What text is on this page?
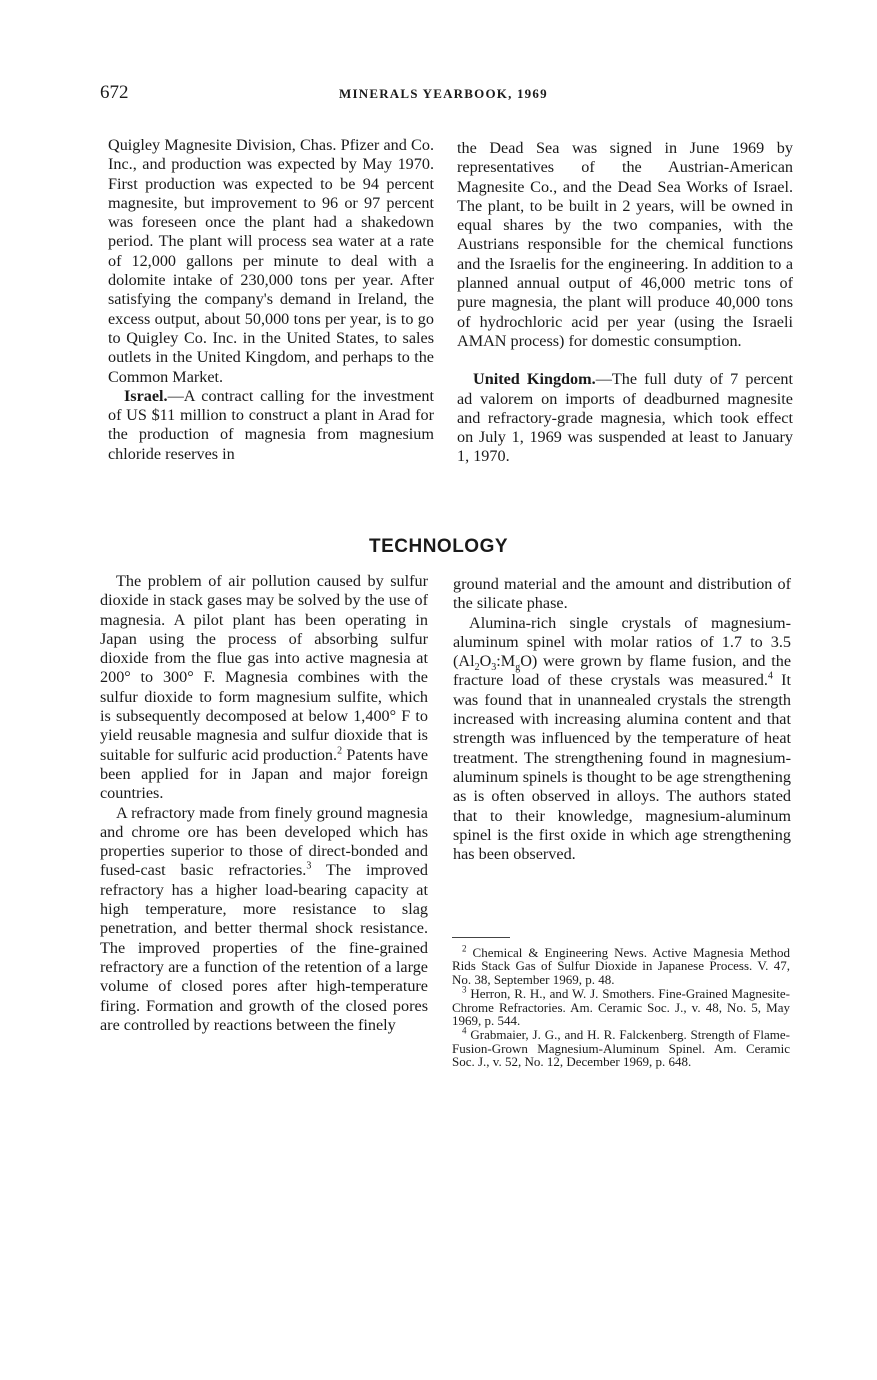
672	MINERALS YEARBOOK, 1969

Quigley Magnesite Division, Chas. Pfizer and Co. Inc., and production was expected by May 1970. First production was expected to be 94 percent magnesite, but improvement to 96 or 97 percent was foreseen once the plant had a shakedown period. The plant will process sea water at a rate of 12,000 gallons per minute to deal with a dolomite intake of 230,000 tons per year. After satisfying the company's demand in Ireland, the excess output, about 50,000 tons per year, is to go to Quigley Co. Inc. in the United States, to sales outlets in the United Kingdom, and perhaps to the Common Market.

Israel.—A contract calling for the investment of US $11 million to construct a plant in Arad for the production of magnesia from magnesium chloride reserves in

the Dead Sea was signed in June 1969 by representatives of the Austrian-American Magnesite Co., and the Dead Sea Works of Israel. The plant, to be built in 2 years, will be owned in equal shares by the two companies, with the Austrians responsible for the chemical functions and the Israelis for the engineering. In addition to a planned annual output of 46,000 metric tons of pure magnesia, the plant will produce 40,000 tons of hydrochloric acid per year (using the Israeli AMAN process) for domestic consumption.

United Kingdom.—The full duty of 7 percent ad valorem on imports of deadburned magnesite and refractory-grade magnesia, which took effect on July 1, 1969 was suspended at least to January 1, 1970.

TECHNOLOGY

The problem of air pollution caused by sulfur dioxide in stack gases may be solved by the use of magnesia. A pilot plant has been operating in Japan using the process of absorbing sulfur dioxide from the flue gas into active magnesia at 200° to 300° F. Magnesia combines with the sulfur dioxide to form magnesium sulfite, which is subsequently decomposed at below 1,400° F to yield reusable magnesia and sulfur dioxide that is suitable for sulfuric acid production.$^2$ Patents have been applied for in Japan and major foreign countries.

A refractory made from finely ground magnesia and chrome ore has been developed which has properties superior to those of direct-bonded and fused-cast basic refractories.$^3$ The improved refractory has a higher load-bearing capacity at high temperature, more resistance to slag penetration, and better thermal shock resistance. The improved properties of the fine-grained refractory are a function of the retention of a large volume of closed pores after high-temperature firing. Formation and growth of the closed pores are controlled by reactions between the finely

ground material and the amount and distribution of the silicate phase.

Alumina-rich single crystals of magnesium-aluminum spinel with molar ratios of 1.7 to 3.5 $(Al_2O_3:M_gO)$ were grown by flame fusion, and the fracture load of these crystals was measured.$^4$ It was found that in unannealed crystals the strength increased with increasing alumina content and that strength was influenced by the temperature of heat treatment. The strengthening found in magnesium-aluminum spinels is thought to be age strengthening as is often observed in alloys. The authors stated that to their knowledge, magnesium-aluminum spinel is the first oxide in which age strengthening has been observed.

$^2$ Chemical & Engineering News. Active Magnesia Method Rids Stack Gas of Sulfur Dioxide in Japanese Process. V. 47, No. 38, September 1969, p. 48.

$^3$ Herron, R. H., and W. J. Smothers. Fine-Grained Magnesite-Chrome Refractories. Am. Ceramic Soc. J., v. 48, No. 5, May 1969, p. 544.

$^4$ Grabmaier, J. G., and H. R. Falckenberg. Strength of Flame-Fusion-Grown Magnesium-Aluminum Spinel. Am. Ceramic Soc. J., v. 52, No. 12, December 1969, p. 648.
